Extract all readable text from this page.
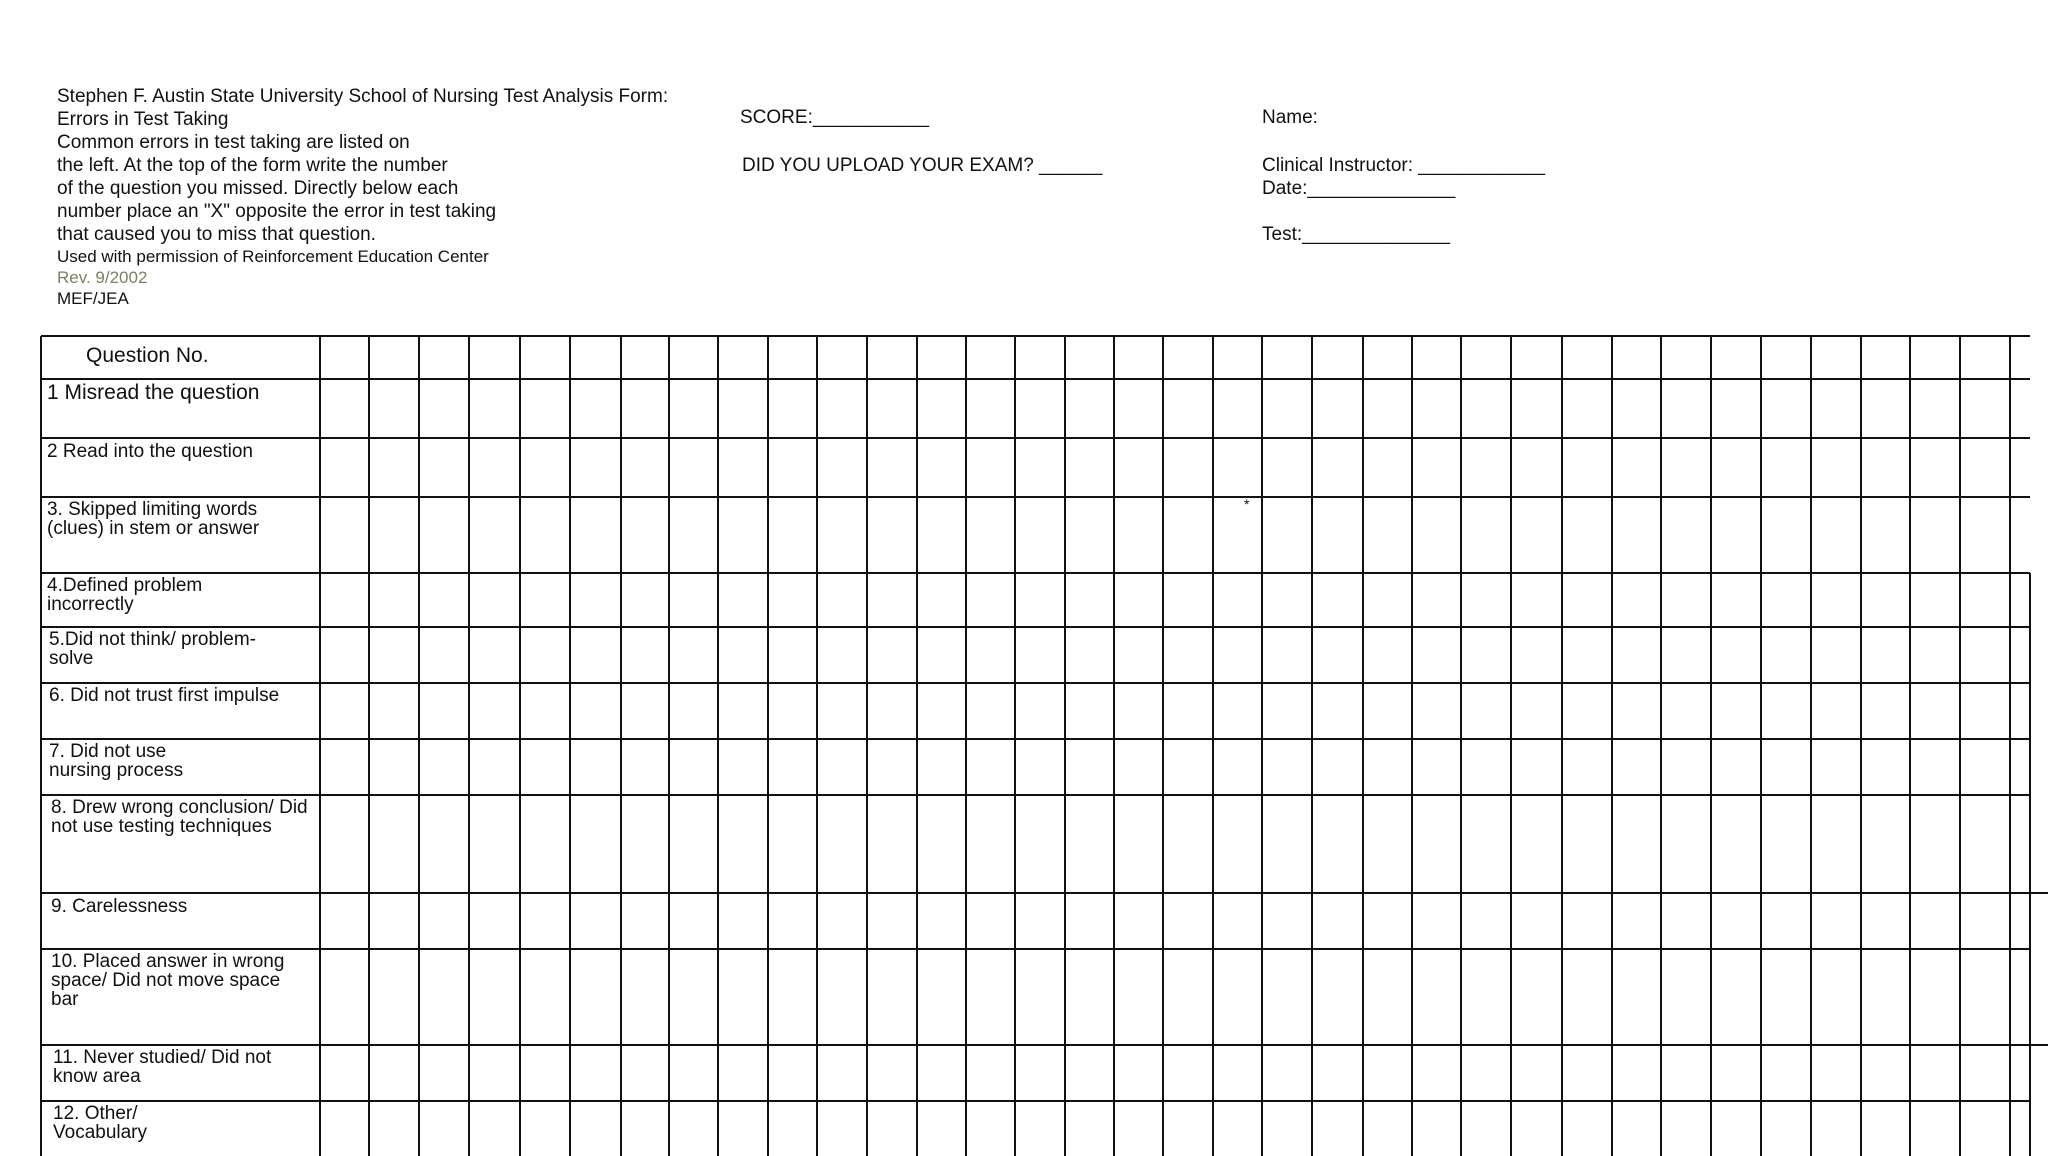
Stephen F. Austin State University School of Nursing Test Analysis Form:
Errors in Test Taking
Common errors in test taking are listed on
the left. At the top of the form write the number
of the question you missed. Directly below each
number place an "X" opposite the error in test taking
that caused you to miss that question.
Used with permission of Reinforcement Education Center
Rev. 9/2002
MEF/JEA
SCORE:___________
DID YOU UPLOAD YOUR EXAM? ______
Name:
Clinical Instructor: ____________
Date:______________
Test:______________
Question No.
*
1 Misread the question
2 Read into the question
3. Skipped limiting words (clues) in stem or answer
4.Defined problem incorrectly
5.Did not think/ problem-solve
6. Did not trust first impulse
7. Did not use nursing process
8. Drew wrong conclusion/ Did not use testing techniques
9. Carelessness
10. Placed answer in wrong space/ Did not move space bar
11. Never studied/ Did not know area
12. Other/ Vocabulary
